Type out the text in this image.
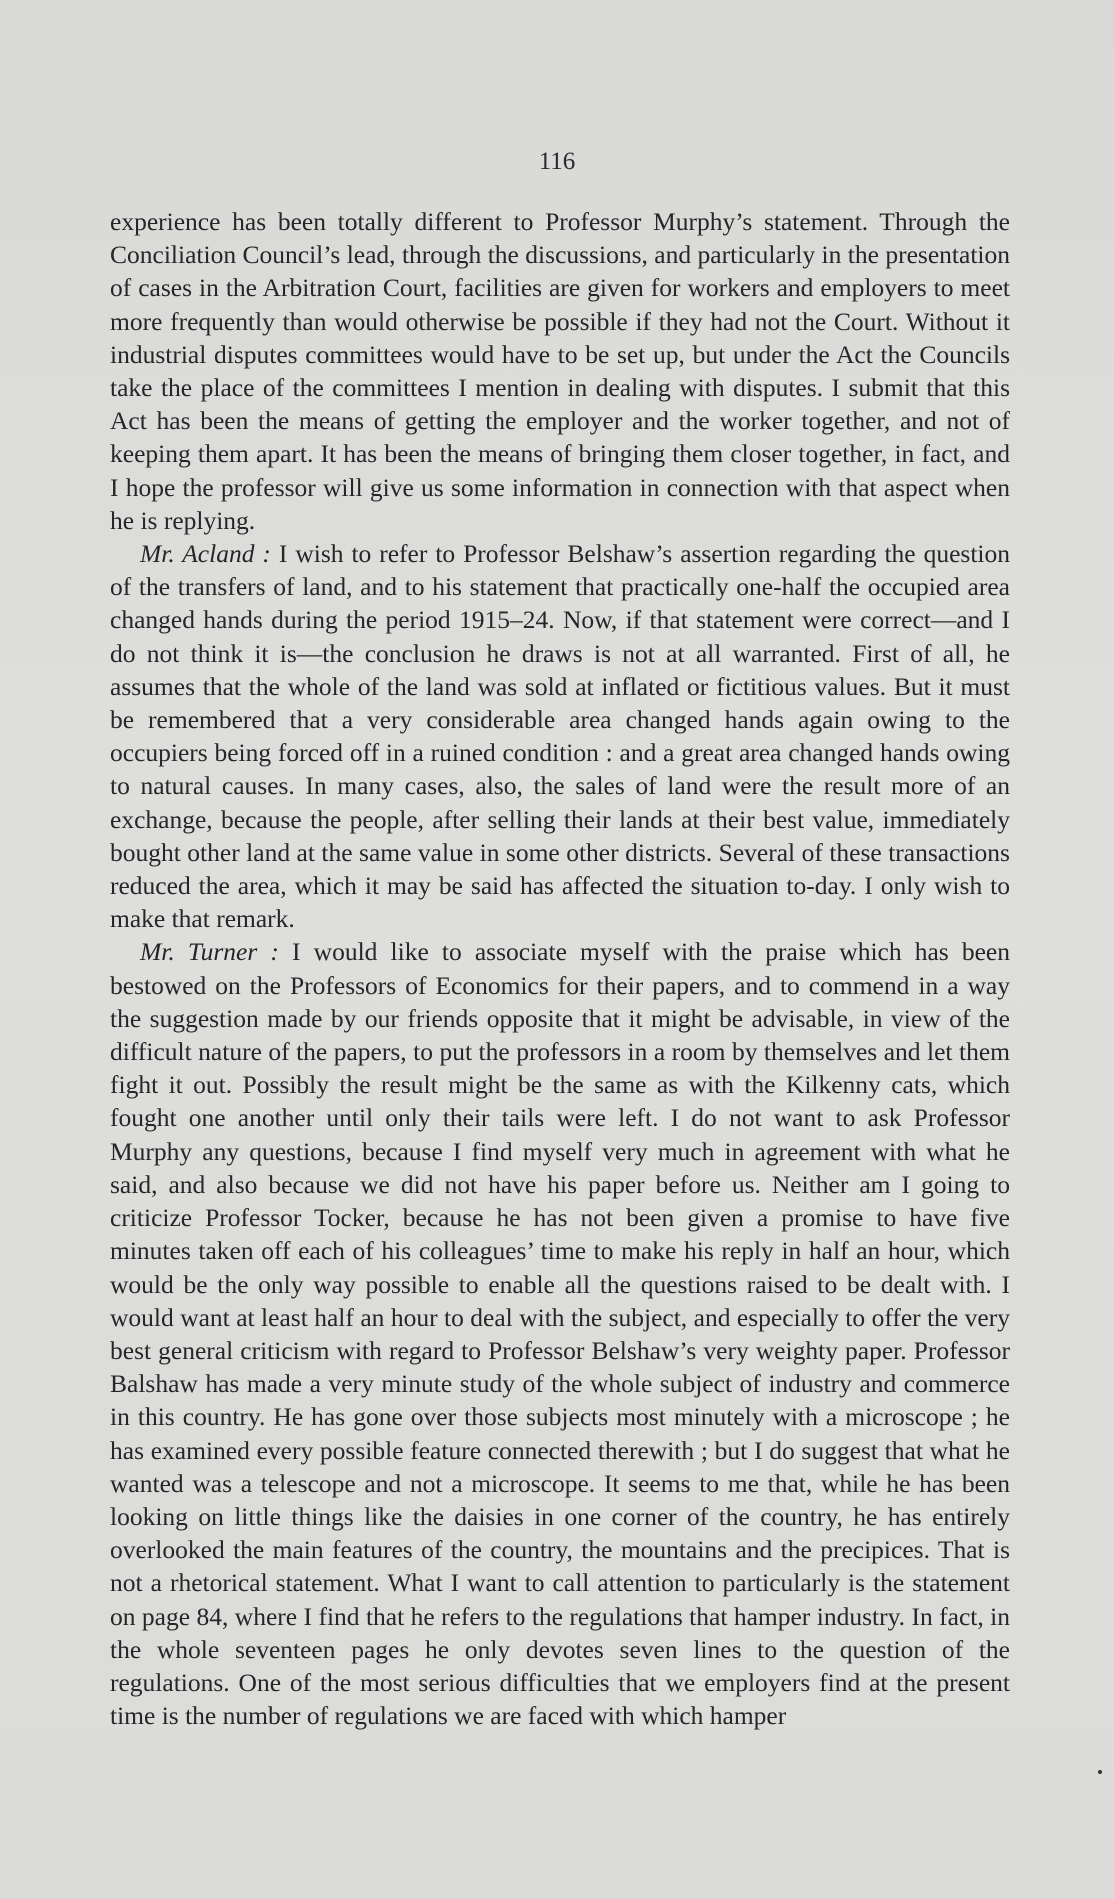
116

experience has been totally different to Professor Murphy’s statement. Through the Conciliation Council’s lead, through the discussions, and particularly in the presentation of cases in the Arbitration Court, facilities are given for workers and employers to meet more frequently than would otherwise be possible if they had not the Court. Without it industrial disputes committees would have to be set up, but under the Act the Councils take the place of the committees I mention in dealing with disputes. I submit that this Act has been the means of getting the employer and the worker together, and not of keeping them apart. It has been the means of bringing them closer together, in fact, and I hope the professor will give us some information in connection with that aspect when he is replying.

Mr. Acland : I wish to refer to Professor Belshaw’s assertion regarding the question of the transfers of land, and to his statement that practically one-half the occupied area changed hands during the period 1915–24. Now, if that statement were correct—and I do not think it is—the conclusion he draws is not at all warranted. First of all, he assumes that the whole of the land was sold at inflated or fictitious values. But it must be remembered that a very considerable area changed hands again owing to the occupiers being forced off in a ruined condition : and a great area changed hands owing to natural causes. In many cases, also, the sales of land were the result more of an exchange, because the people, after selling their lands at their best value, immediately bought other land at the same value in some other districts. Several of these transactions reduced the area, which it may be said has affected the situation to-day. I only wish to make that remark.

Mr. Turner : I would like to associate myself with the praise which has been bestowed on the Professors of Economics for their papers, and to commend in a way the suggestion made by our friends opposite that it might be advisable, in view of the difficult nature of the papers, to put the professors in a room by themselves and let them fight it out. Possibly the result might be the same as with the Kilkenny cats, which fought one another until only their tails were left. I do not want to ask Professor Murphy any questions, because I find myself very much in agreement with what he said, and also because we did not have his paper before us. Neither am I going to criticize Professor Tocker, because he has not been given a promise to have five minutes taken off each of his colleagues’ time to make his reply in half an hour, which would be the only way possible to enable all the questions raised to be dealt with. I would want at least half an hour to deal with the subject, and especially to offer the very best general criticism with regard to Professor Belshaw’s very weighty paper. Professor Balshaw has made a very minute study of the whole subject of industry and commerce in this country. He has gone over those subjects most minutely with a microscope ; he has examined every possible feature connected therewith ; but I do suggest that what he wanted was a telescope and not a microscope. It seems to me that, while he has been looking on little things like the daisies in one corner of the country, he has entirely overlooked the main features of the country, the mountains and the precipices. That is not a rhetorical statement. What I want to call attention to particularly is the statement on page 84, where I find that he refers to the regulations that hamper industry. In fact, in the whole seventeen pages he only devotes seven lines to the question of the regulations. One of the most serious difficulties that we employers find at the present time is the number of regulations we are faced with which hamper
